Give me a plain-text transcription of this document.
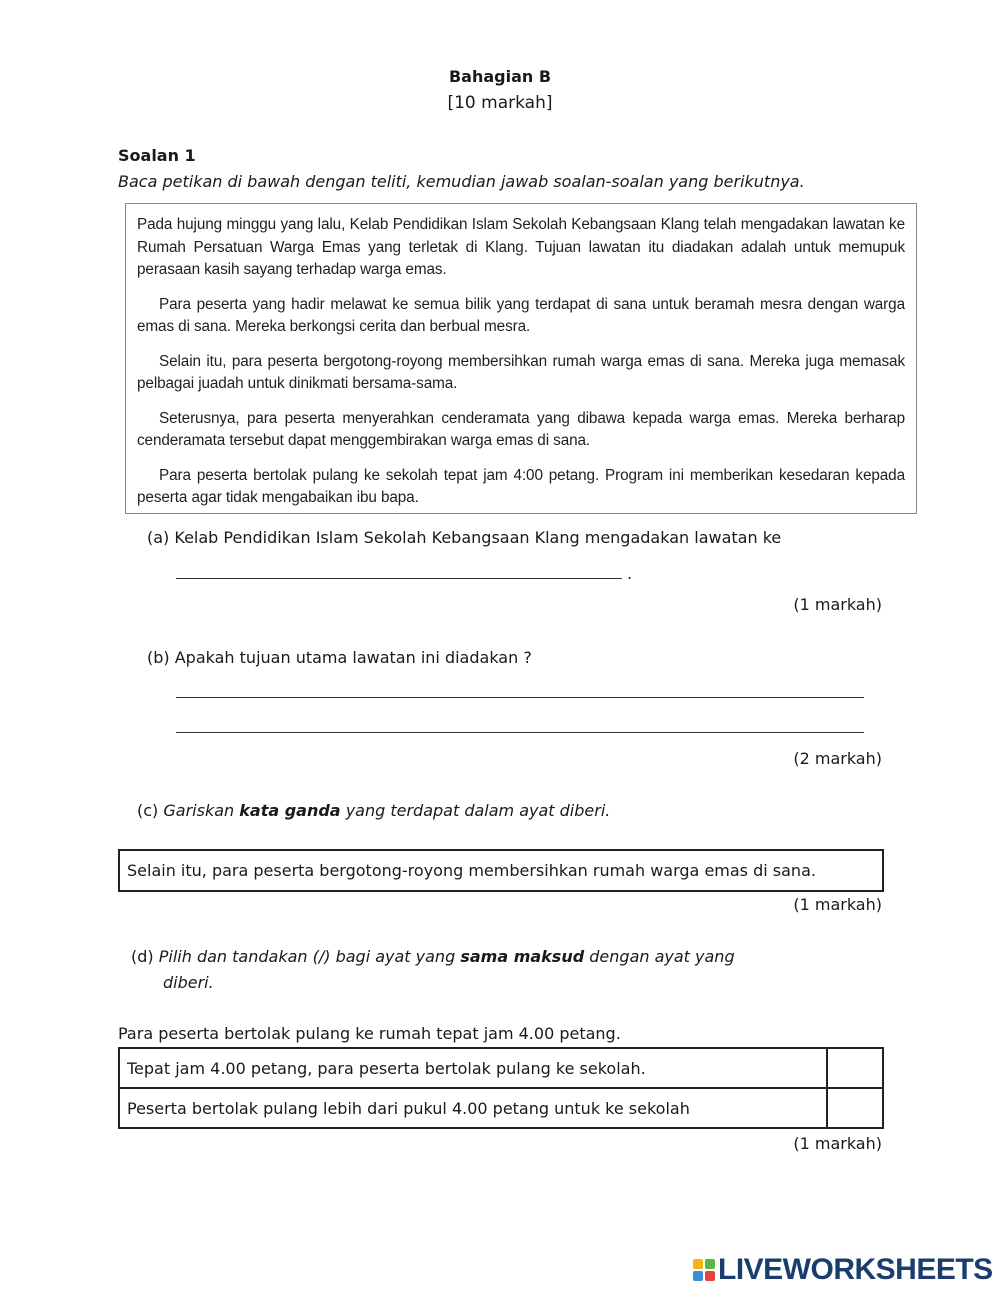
Bahagian B
[10 markah]
Soalan 1
Baca petikan di bawah dengan teliti, kemudian jawab soalan-soalan yang berikutnya.

Pada hujung minggu yang lalu, Kelab Pendidikan Islam Sekolah Kebangsaan Klang telah mengadakan lawatan ke Rumah Persatuan Warga Emas yang terletak di Klang. Tujuan lawatan itu diadakan adalah untuk memupuk perasaan kasih sayang terhadap warga emas.

Para peserta yang hadir melawat ke semua bilik yang terdapat di sana untuk beramah mesra dengan warga emas di sana. Mereka berkongsi cerita dan berbual mesra.

Selain itu, para peserta bergotong-royong membersihkan rumah warga emas di sana. Mereka juga memasak pelbagai juadah untuk dinikmati bersama-sama.

Seterusnya, para peserta menyerahkan cenderamata yang dibawa kepada warga emas. Mereka berharap cenderamata tersebut dapat menggembirakan warga emas di sana.

Para peserta bertolak pulang ke sekolah tepat jam 4:00 petang. Program ini memberikan kesedaran kepada peserta agar tidak mengabaikan ibu bapa.

(a) Kelab Pendidikan Islam Sekolah Kebangsaan Klang mengadakan lawatan ke
.
(1 markah)
(b) Apakah tujuan utama lawatan ini diadakan ?
(2 markah)
(c) Gariskan kata ganda yang terdapat dalam ayat diberi.
Selain itu, para peserta bergotong-royong membersihkan rumah warga emas di sana.
(1 markah)
(d) Pilih dan tandakan (/) bagi ayat yang sama maksud dengan ayat yang
diberi.
Para peserta bertolak pulang ke rumah tepat jam 4.00 petang.
Tepat jam 4.00 petang, para peserta bertolak pulang ke sekolah.	
Peserta bertolak pulang lebih dari pukul 4.00 petang untuk ke sekolah	
(1 markah)
LIVEWORKSHEETS
